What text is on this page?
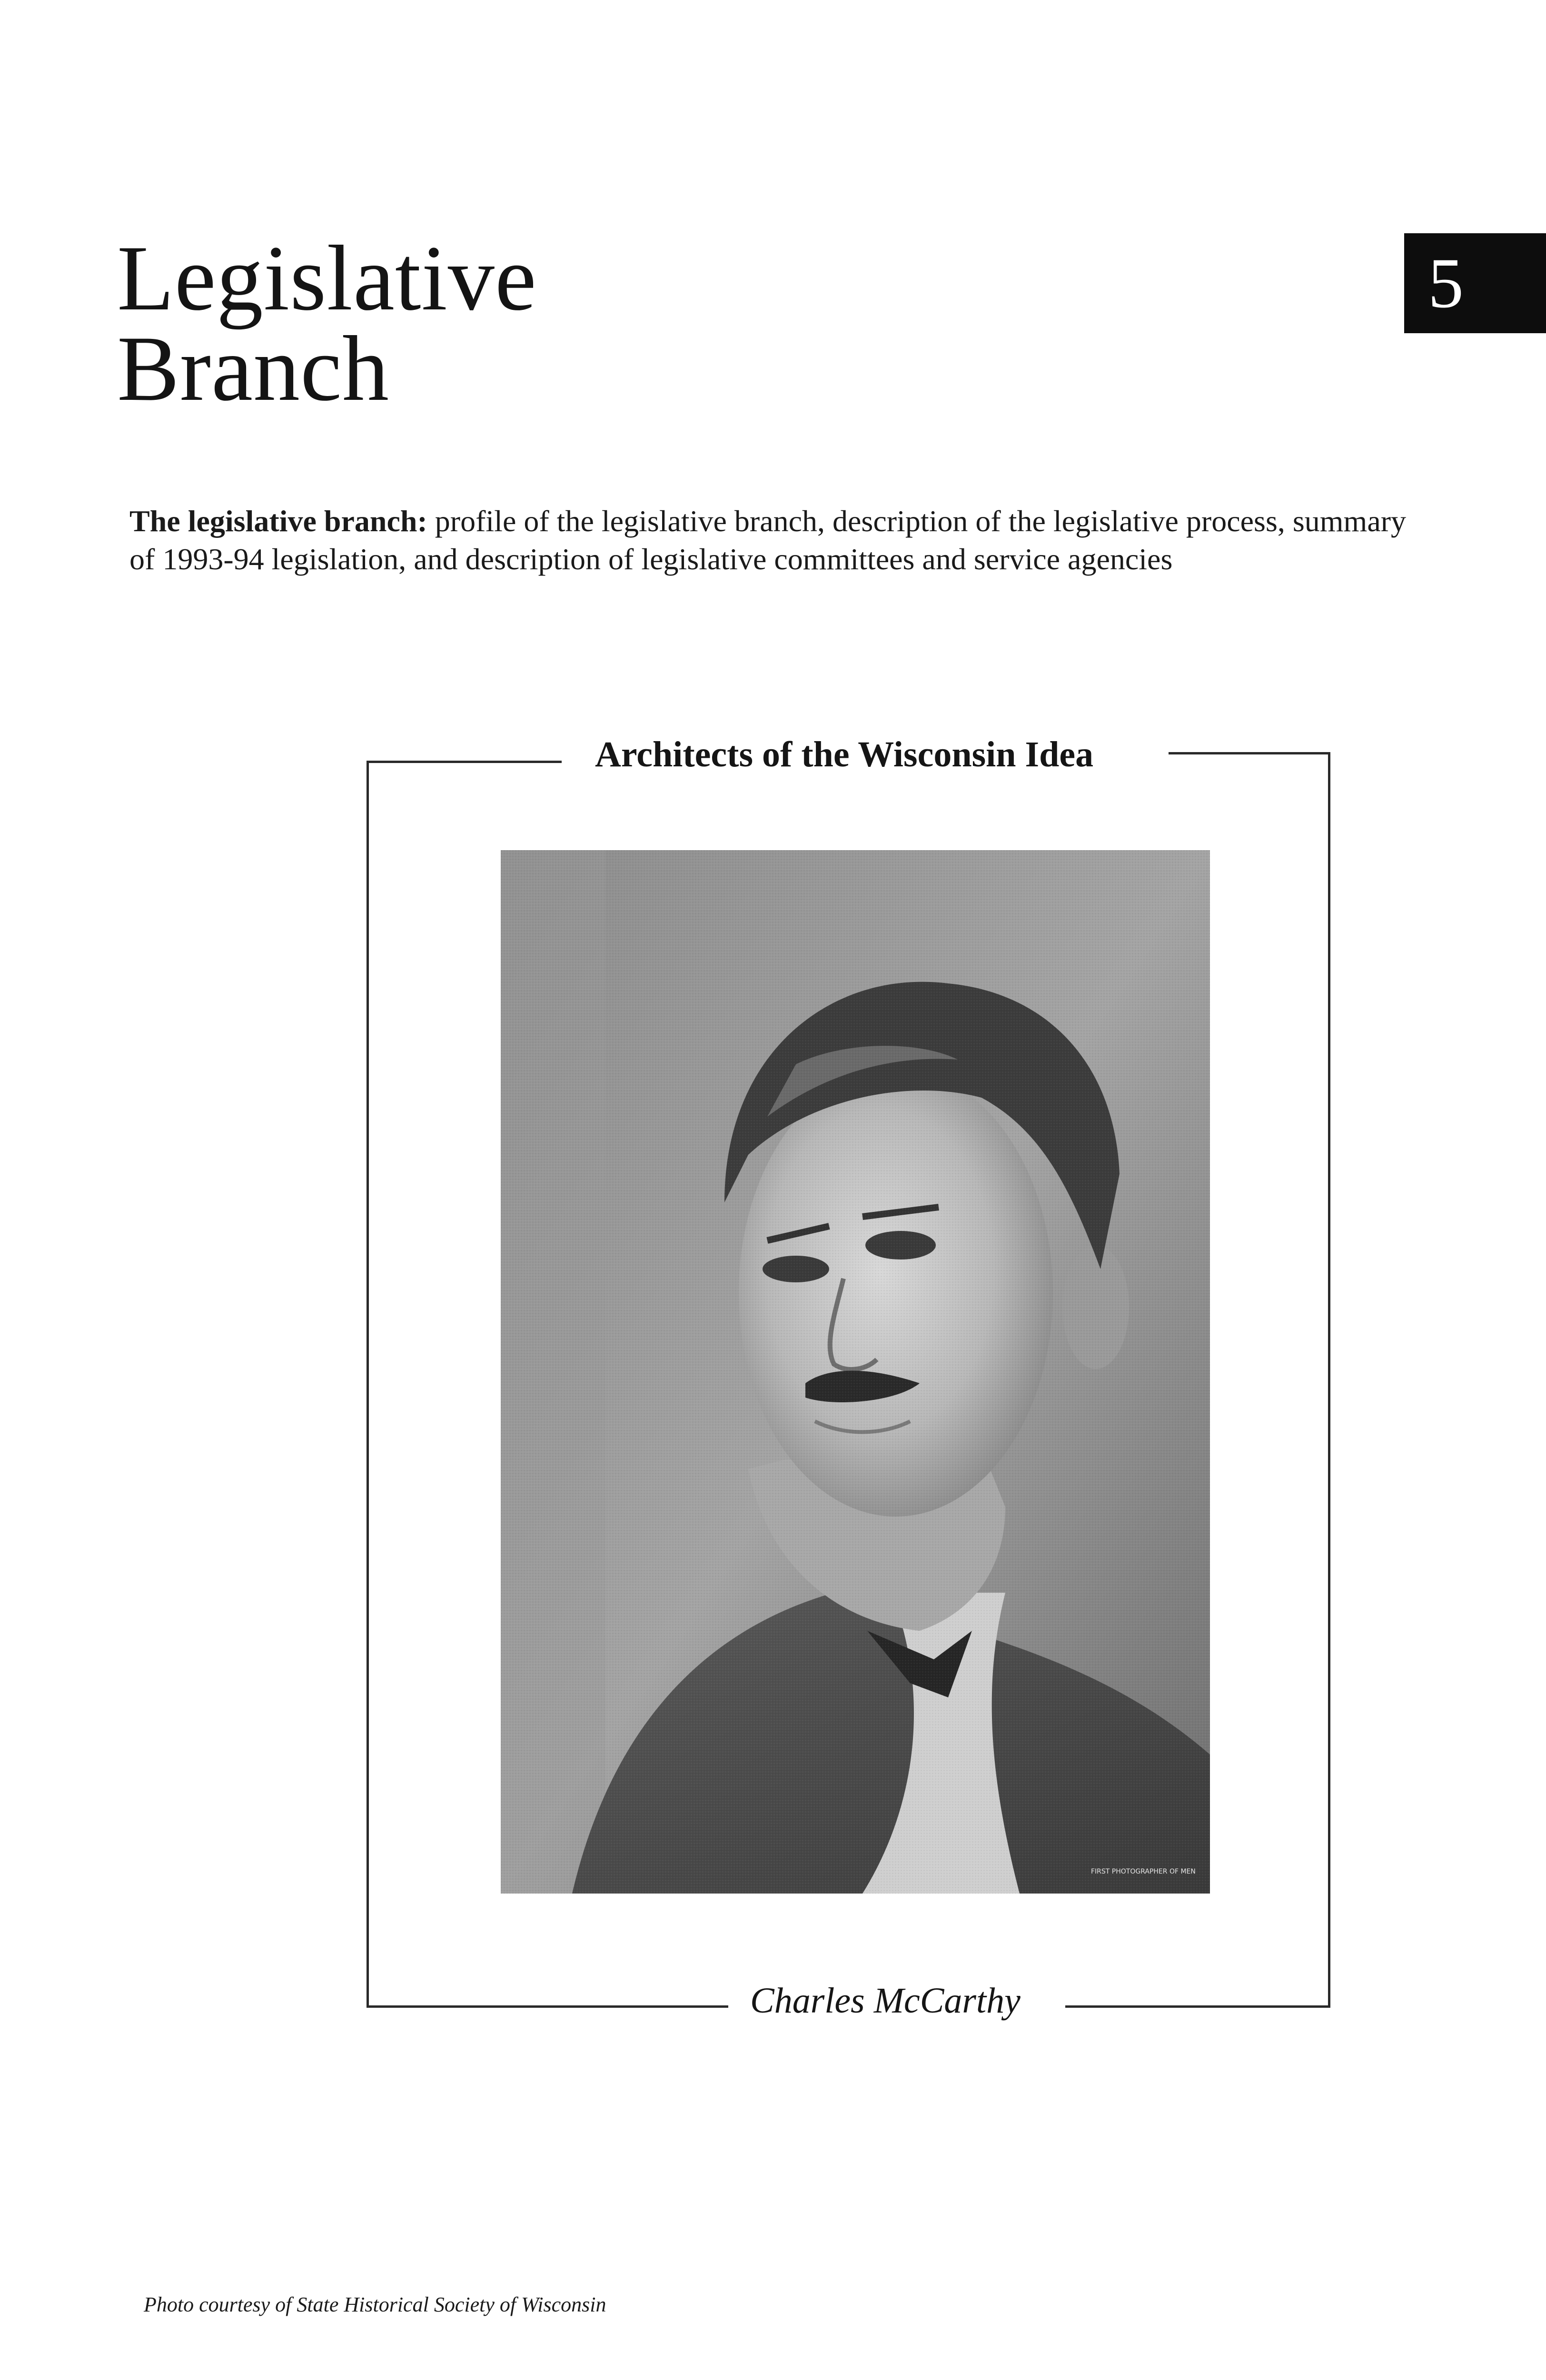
Legislative
Branch
5

The legislative branch: profile of the legislative branch, description of the legislative process, summary of 1993-94 legislation, and description of legislative committees and service agencies

Architects of the Wisconsin Idea
FIRST PHOTOGRAPHER OF MEN
Charles McCarthy
Photo courtesy of State Historical Society of Wisconsin
